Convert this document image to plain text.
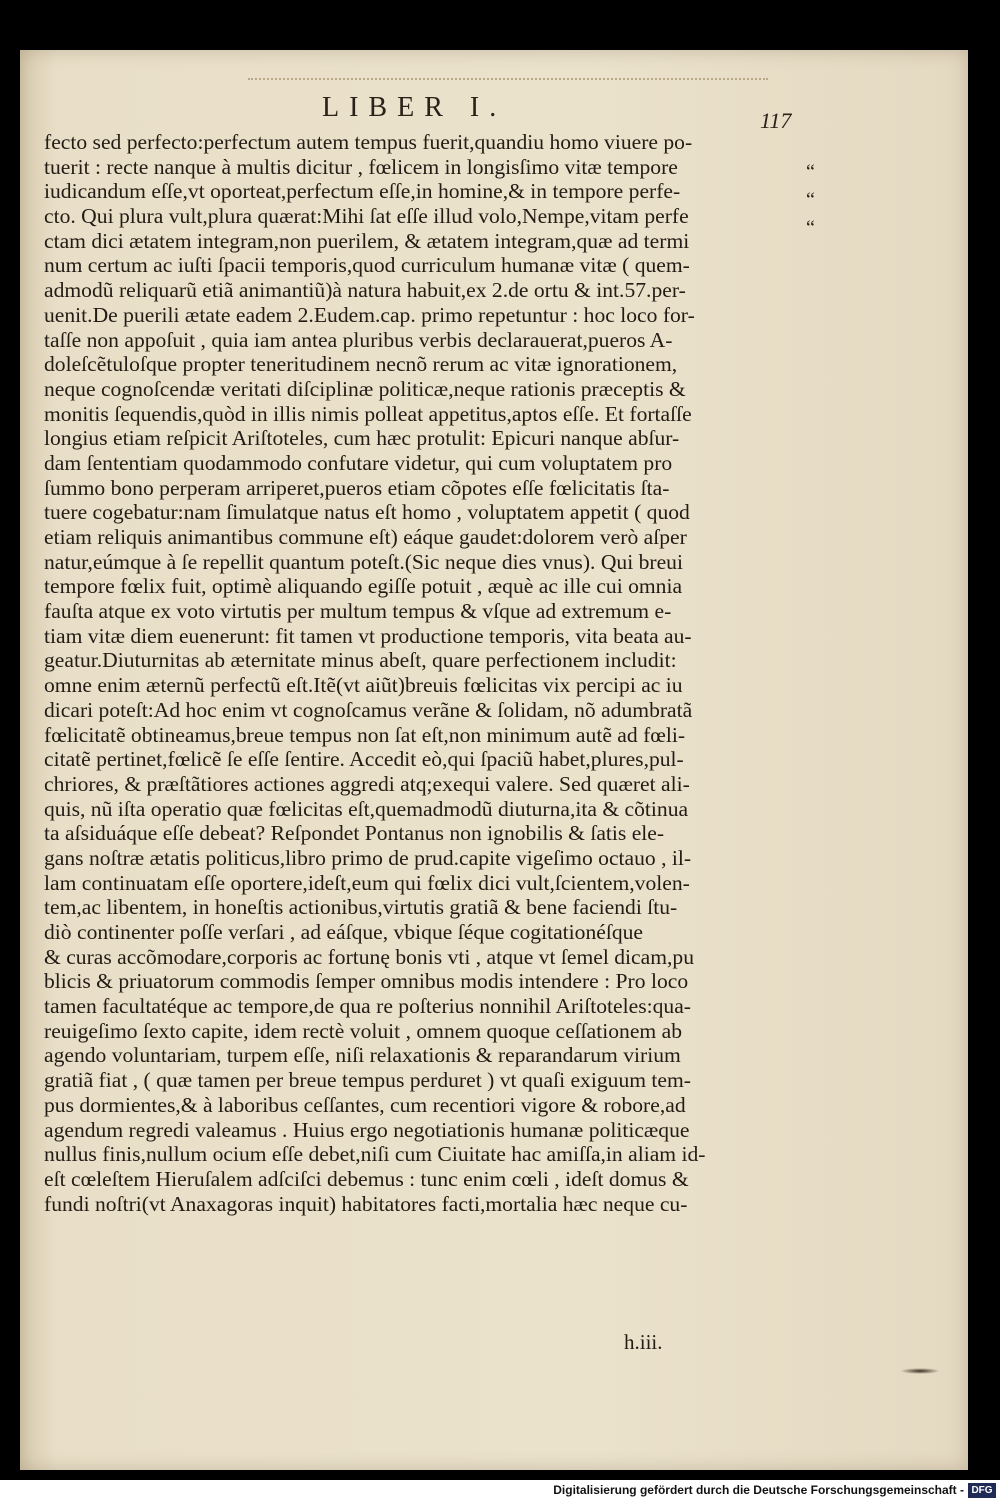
LIBER I.	117
fecto sed perfecto:perfectum autem tempus fuerit,quandiu homo viuere po-
tuerit : recte nanque à multis dicitur , fœlicem in longisſimo vitæ tempore
iudicandum eſſe,vt oporteat,perfectum eſſe,in homine,& in tempore perfe-
cto. Qui plura vult,plura quærat:Mihi ſat eſſe illud volo,Nempe,vitam perfe
ctam dici ætatem integram,non puerilem, & ætatem integram,quæ ad termi
num certum ac iuſti ſpacii temporis,quod curriculum humanæ vitæ ( quem-
admodũ reliquarũ etiã animantiũ)à natura habuit,ex 2.de ortu & int.57.per-
uenit.De puerili ætate eadem 2.Eudem.cap. primo repetuntur : hoc loco for-
taſſe non appoſuit , quia iam antea pluribus verbis declarauerat,pueros A-
doleſcẽtuloſque propter teneritudinem necnõ rerum ac vitæ ignorationem,
neque cognoſcendæ veritati diſciplinæ politicæ,neque rationis præceptis &
monitis ſequendis,quòd in illis nimis polleat appetitus,aptos eſſe. Et fortaſſe
longius etiam reſpicit Ariſtoteles, cum hæc protulit: Epicuri nanque abſur-
dam ſententiam quodammodo confutare videtur, qui cum voluptatem pro
ſummo bono perperam arriperet,pueros etiam cõpotes eſſe fœlicitatis ſta-
tuere cogebatur:nam ſimulatque natus eſt homo , voluptatem appetit ( quod
etiam reliquis animantibus commune eſt) eáque gaudet:dolorem verò aſper
natur,eúmque à ſe repellit quantum poteſt.(Sic neque dies vnus). Qui breui
tempore fœlix fuit, optimè aliquando egiſſe potuit , æquè ac ille cui omnia
fauſta atque ex voto virtutis per multum tempus & vſque ad extremum e-
tiam vitæ diem euenerunt: fit tamen vt productione temporis, vita beata au-
geatur.Diuturnitas ab æternitate minus abeſt, quare perfectionem includit:
omne enim æternũ perfectũ eſt.Itẽ(vt aiũt)breuis fœlicitas vix percipi ac iu
dicari poteſt:Ad hoc enim vt cognoſcamus verãne & ſolidam, nõ adumbratã
fœlicitatẽ obtineamus,breue tempus non ſat eſt,non minimum autẽ ad fœli-
citatẽ pertinet,fœlicẽ ſe eſſe ſentire. Accedit eò,qui ſpaciũ habet,plures,pul-
chriores, & præſtãtiores actiones aggredi atq;exequi valere. Sed quæret ali-
quis, nũ iſta operatio quæ fœlicitas eſt,quemadmodũ diuturna,ita & cõtinua
ta aſsiduáque eſſe debeat? Reſpondet Pontanus non ignobilis & ſatis ele-
gans noſtræ ætatis politicus,libro primo de prud.capite vigeſimo octauo , il-
lam continuatam eſſe oportere,ideſt,eum qui fœlix dici vult,ſcientem,volen-
tem,ac libentem, in honeſtis actionibus,virtutis gratiã & bene faciendi ſtu-
diò continenter poſſe verſari , ad eáſque, vbique ſéque cogitationéſque
& curas accõmodare,corporis ac fortunę bonis vti , atque vt ſemel dicam,pu
blicis & priuatorum commodis ſemper omnibus modis intendere : Pro loco
tamen facultatéque ac tempore,de qua re poſterius nonnihil Ariſtoteles:qua-
reuigeſimo ſexto capite, idem rectè voluit , omnem quoque ceſſationem ab
agendo voluntariam, turpem eſſe, niſi relaxationis & reparandarum virium
gratiã fiat , ( quæ tamen per breue tempus perduret ) vt quaſi exiguum tem-
pus dormientes,& à laboribus ceſſantes, cum recentiori vigore & robore,ad
agendum regredi valeamus . Huius ergo negotiationis humanæ politicæque
nullus finis,nullum ocium eſſe debet,niſi cum Ciuitate hac amiſſa,in aliam id-
eſt cœleſtem Hieruſalem adſciſci debemus : tunc enim cœli , ideſt domus &
fundi noſtri(vt Anaxagoras inquit) habitatores facti,mortalia hæc neque cu-
“
“
“
h.iii.
Digitalisierung gefördert durch die Deutsche Forschungsgemeinschaft - DFG
